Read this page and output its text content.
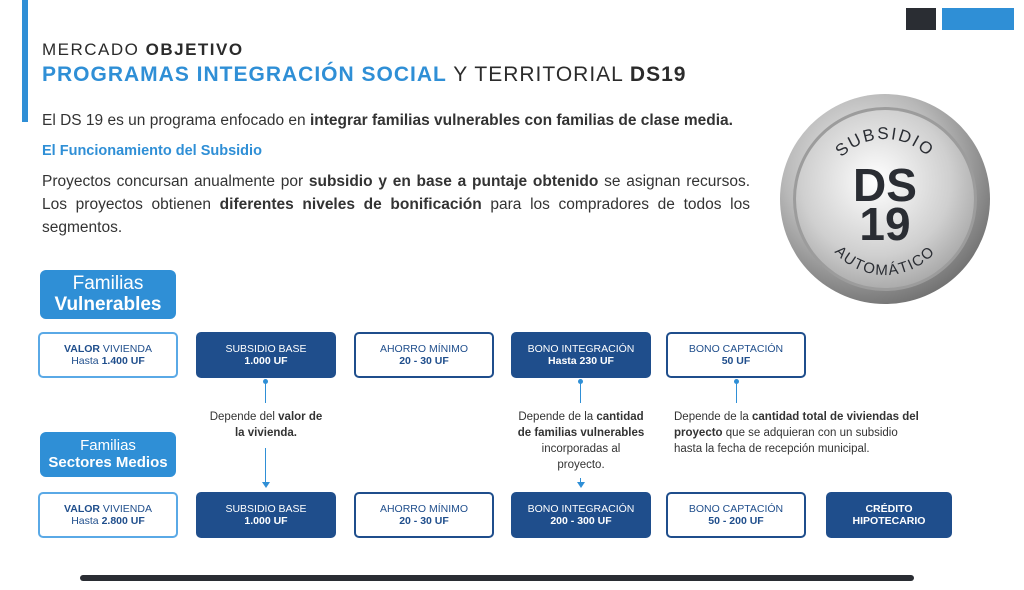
MERCADO OBJETIVO
PROGRAMAS INTEGRACIÓN SOCIAL Y TERRITORIAL DS19
El DS 19 es un programa enfocado en integrar familias vulnerables con familias de clase media.
El Funcionamiento del Subsidio
Proyectos concursan anualmente por subsidio y en base a puntaje obtenido se asignan recursos. Los proyectos obtienen diferentes niveles de bonificación para los compradores de todos los segmentos.
SUBSIDIO
DS
19
AUTOMÁTICO
Familias
Vulnerables
Familias
Sectores Medios
VALOR VIVIENDA
Hasta 1.400 UF
SUBSIDIO BASE
1.000 UF
AHORRO MÍNIMO
20 - 30 UF
BONO INTEGRACIÓN
Hasta 230 UF
BONO CAPTACIÓN
50 UF
Depende del valor de
la vivienda.
Depende de la cantidad
de familias vulnerables
incorporadas al
proyecto.
Depende de la cantidad total de viviendas del
proyecto que se adquieran con un subsidio
hasta la fecha de recepción municipal.
VALOR VIVIENDA
Hasta 2.800 UF
SUBSIDIO BASE
1.000 UF
AHORRO MÍNIMO
20 - 30 UF
BONO INTEGRACIÓN
200 - 300 UF
BONO CAPTACIÓN
50 - 200 UF
CRÉDITO
HIPOTECARIO
